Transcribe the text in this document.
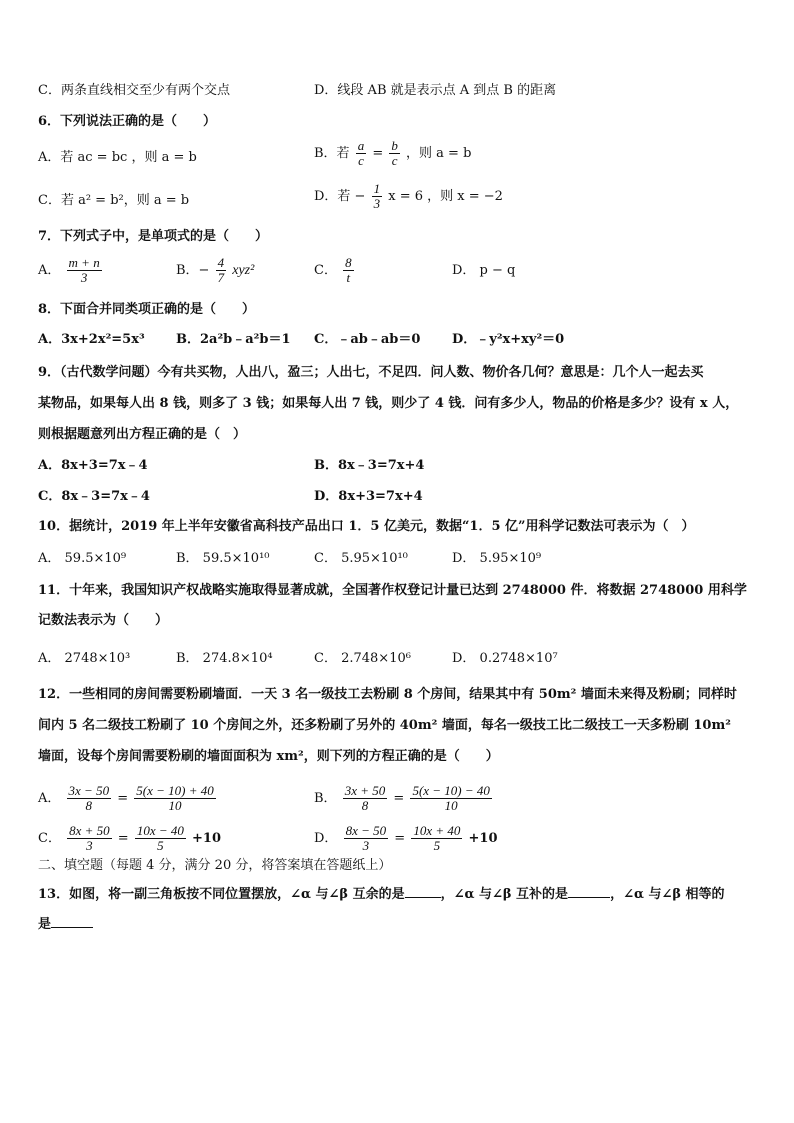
C．两条直线相交至少有两个交点	D．线段 AB 就是表示点 A 到点 B 的距离
6．下列说法正确的是（　　）
A．若 ac = bc ，则 a = b	B．若 $\frac{a}{c} = \frac{b}{c}$ ，则 a = b
C．若 a² = b²，则 a = b	D．若 − $\frac{1}{3}$ x = 6 ，则 x = −2
7．下列式子中，是单项式的是（　　）
A． $\frac{m + n}{3}$	B．− $\frac{4}{7} xyz^2$	C． $\frac{8}{t}$	D． p − q
8．下面合并同类项正确的是（　　）
A．3x+2x²=5x³ B．2a²b﹣a²b＝1 C．﹣ab﹣ab＝0 D．﹣y²x+xy²＝0
9．（古代数学问题）今有共买物，人出八，盈三；人出七，不足四．问人数、物价各几何？意思是：几个人一起去买
某物品，如果每人出 8 钱，则多了 3 钱；如果每人出 7 钱，则少了 4 钱．问有多少人，物品的价格是多少？设有 x 人，
则根据题意列出方程正确的是（　）
A．8x+3=7x﹣4	B．8x﹣3=7x+4
C．8x﹣3=7x﹣4	D．8x+3=7x+4
10．据统计，2019 年上半年安徽省高科技产品出口 1．5 亿美元，数据“1．5 亿”用科学记数法可表示为（　）
A． 59.5×10⁹	B． 59.5×10¹⁰	C． 5.95×10¹⁰	D． 5.95×10⁹
11．十年来，我国知识产权战略实施取得显著成就，全国著作权登记计量已达到 2748000 件．将数据 2748000 用科学
记数法表示为（　　）
A． 2748×10³	B． 274.8×10⁴	C． 2.748×10⁶	D． 0.2748×10⁷
12．一些相同的房间需要粉刷墙面．一天 3 名一级技工去粉刷 8 个房间，结果其中有 50m² 墙面未来得及粉刷；同样时
间内 5 名二级技工粉刷了 10 个房间之外，还多粉刷了另外的 40m² 墙面，每名一级技工比二级技工一天多粉刷 10m²
墙面，设每个房间需要粉刷的墙面面积为 xm²，则下列的方程正确的是（　　）
A． $\frac{3x - 50}{8} = \frac{5(x - 10) + 40}{10}$	B． $\frac{3x + 50}{8} = \frac{5(x - 10) - 40}{10}$
C． $\frac{8x + 50}{3} = \frac{10x - 40}{5} +10$	D． $\frac{8x - 50}{3} = \frac{10x + 40}{5} +10$
二、填空题（每题 4 分，满分 20 分，将答案填在答题纸上）
13．如图，将一副三角板按不同位置摆放，∠α 与∠β 互余的是	，∠α 与∠β 互补的是	，∠α 与∠β 相等的
是
